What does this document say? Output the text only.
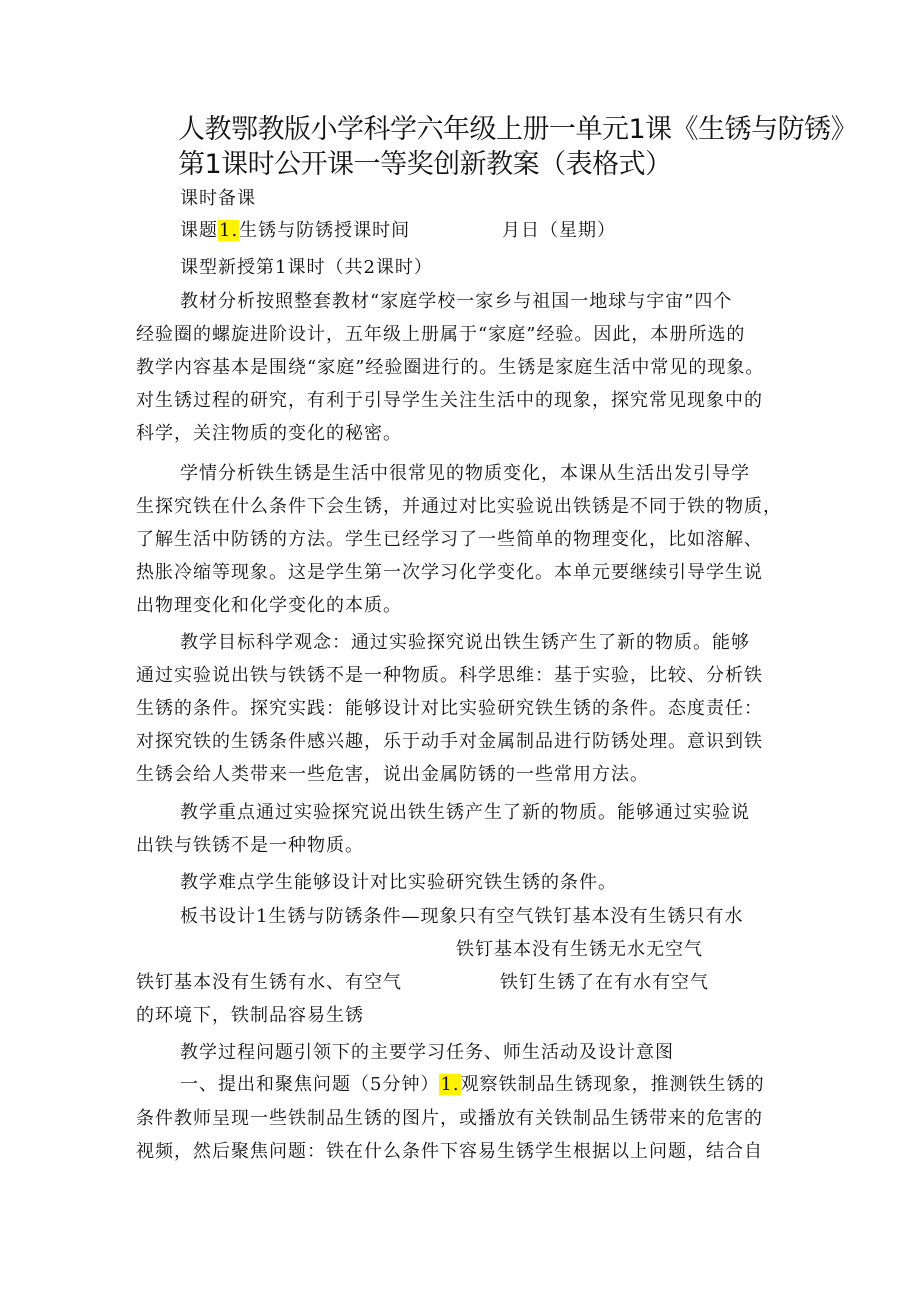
人教鄂教版小学科学六年级上册一单元1课《生锈与防锈》
第1课时公开课一等奖创新教案（表格式）
课时备课
课题1.生锈与防锈授课时间	月日（星期）
课型新授第1课时（共2课时）
教材分析按照整套教材“家庭学校一家乡与祖国一地球与宇宙”四个
经验圈的螺旋进阶设计，五年级上册属于“家庭”经验。因此，本册所选的
教学内容基本是围绕“家庭”经验圈进行的。生锈是家庭生活中常见的现象。
对生锈过程的研究，有利于引导学生关注生活中的现象，探究常见现象中的
科学，关注物质的变化的秘密。
学情分析铁生锈是生活中很常见的物质变化，本课从生活出发引导学
生探究铁在什么条件下会生锈，并通过对比实验说出铁锈是不同于铁的物质，
了解生活中防锈的方法。学生已经学习了一些简单的物理变化，比如溶解、
热胀冷缩等现象。这是学生第一次学习化学变化。本单元要继续引导学生说
出物理变化和化学变化的本质。
教学目标科学观念：通过实验探究说出铁生锈产生了新的物质。能够
通过实验说出铁与铁锈不是一种物质。科学思维：基于实验，比较、分析铁
生锈的条件。探究实践：能够设计对比实验研究铁生锈的条件。态度责任：
对探究铁的生锈条件感兴趣，乐于动手对金属制品进行防锈处理。意识到铁
生锈会给人类带来一些危害，说出金属防锈的一些常用方法。
教学重点通过实验探究说出铁生锈产生了新的物质。能够通过实验说
出铁与铁锈不是一种物质。
教学难点学生能够设计对比实验研究铁生锈的条件。
板书设计1生锈与防锈条件—现象只有空气铁钉基本没有生锈只有水
铁钉基本没有生锈无水无空气
铁钉基本没有生锈有水、有空气	铁钉生锈了在有水有空气
的环境下，铁制品容易生锈
教学过程问题引领下的主要学习任务、师生活动及设计意图
一、提出和聚焦问题（5分钟）1.观察铁制品生锈现象，推测铁生锈的
条件教师呈现一些铁制品生锈的图片，或播放有关铁制品生锈带来的危害的
视频，然后聚焦问题：铁在什么条件下容易生锈学生根据以上问题，结合自
